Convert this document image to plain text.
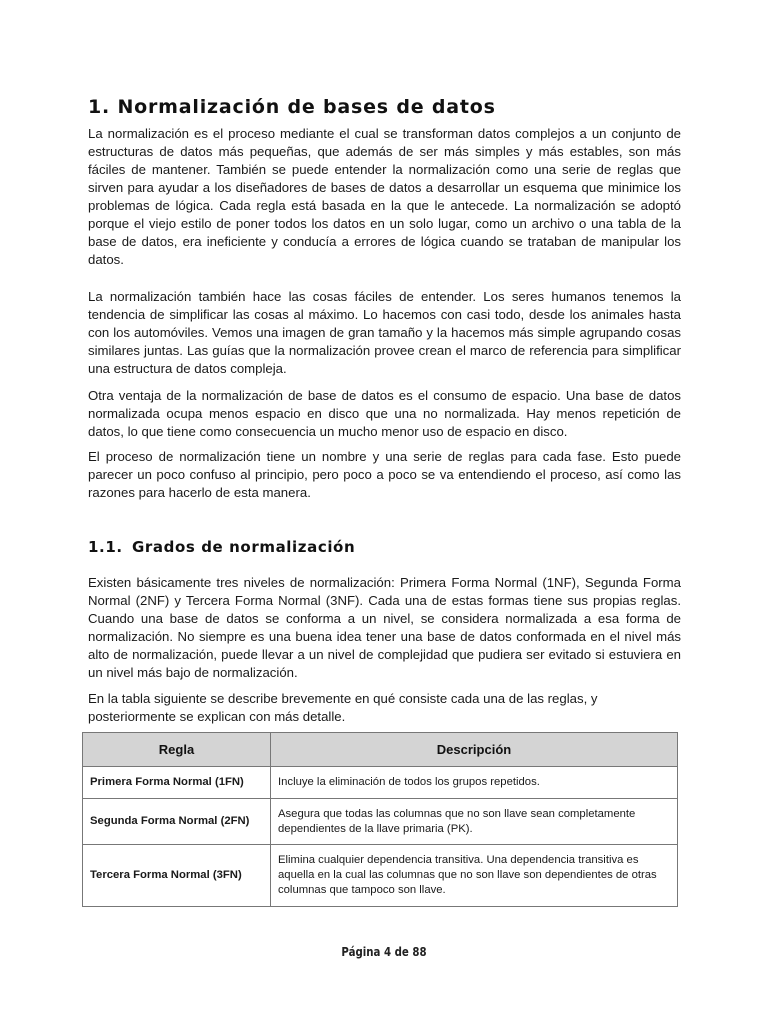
1. Normalización de bases de datos

La normalización es el proceso mediante el cual se transforman datos complejos a un conjunto de estructuras de datos más pequeñas, que además de ser más simples y más estables, son más fáciles de mantener. También se puede entender la normalización como una serie de reglas que sirven para ayudar a los diseñadores de bases de datos a desarrollar un esquema que minimice los problemas de lógica. Cada regla está basada en la que le antecede. La normalización se adoptó porque el viejo estilo de poner todos los datos en un solo lugar, como un archivo o una tabla de la base de datos, era ineficiente y conducía a errores de lógica cuando se trataban de manipular los datos.

La normalización también hace las cosas fáciles de entender. Los seres humanos tenemos la tendencia de simplificar las cosas al máximo. Lo hacemos con casi todo, desde los animales hasta con los automóviles. Vemos una imagen de gran tamaño y la hacemos más simple agrupando cosas similares juntas. Las guías que la normalización provee crean el marco de referencia para simplificar una estructura de datos compleja.

Otra ventaja de la normalización de base de datos es el consumo de espacio. Una base de datos normalizada ocupa menos espacio en disco que una no normalizada. Hay menos repetición de datos, lo que tiene como consecuencia un mucho menor uso de espacio en disco.

El proceso de normalización tiene un nombre y una serie de reglas para cada fase. Esto puede parecer un poco confuso al principio, pero poco a poco se va entendiendo el proceso, así como las razones para hacerlo de esta manera.

1.1. Grados de normalización

Existen básicamente tres niveles de normalización: Primera Forma Normal (1NF), Segunda Forma Normal (2NF) y Tercera Forma Normal (3NF). Cada una de estas formas tiene sus propias reglas. Cuando una base de datos se conforma a un nivel, se considera normalizada a esa forma de normalización. No siempre es una buena idea tener una base de datos conformada en el nivel más alto de normalización, puede llevar a un nivel de complejidad que pudiera ser evitado si estuviera en un nivel más bajo de normalización.

En la tabla siguiente se describe brevemente en qué consiste cada una de las reglas, y posteriormente se explican con más detalle.

Regla	Descripción
Primera Forma Normal (1FN)	Incluye la eliminación de todos los grupos repetidos.
Segunda Forma Normal (2FN)	Asegura que todas las columnas que no son llave sean completamente dependientes de la llave primaria (PK).
Tercera Forma Normal (3FN)	Elimina cualquier dependencia transitiva. Una dependencia transitiva es aquella en la cual las columnas que no son llave son dependientes de otras columnas que tampoco son llave.
Página 4 de 88
